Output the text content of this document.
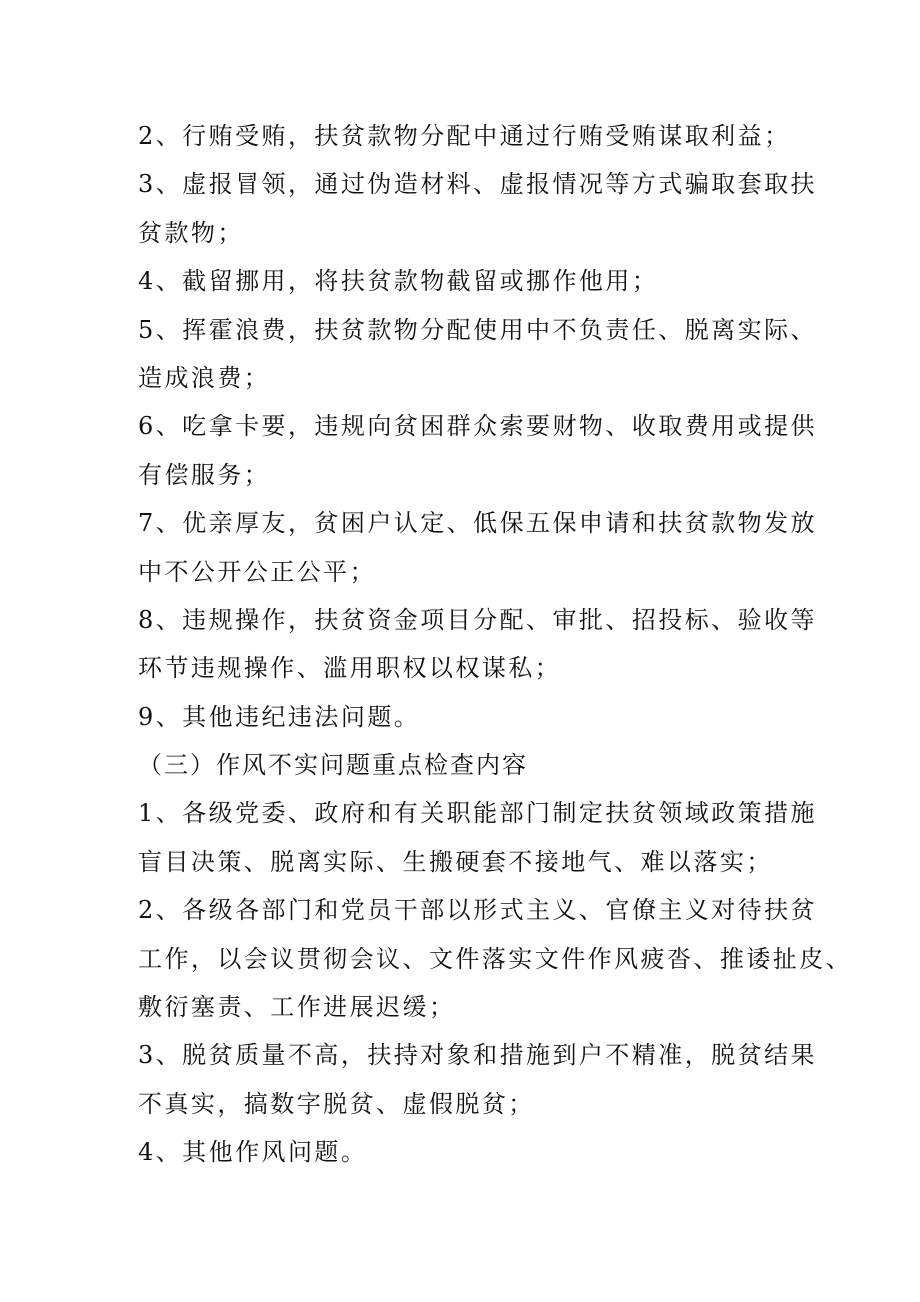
2、行贿受贿，扶贫款物分配中通过行贿受贿谋取利益；
3、虚报冒领，通过伪造材料、虚报情况等方式骗取套取扶
贫款物；
4、截留挪用，将扶贫款物截留或挪作他用；
5、挥霍浪费，扶贫款物分配使用中不负责任、脱离实际、
造成浪费；
6、吃拿卡要，违规向贫困群众索要财物、收取费用或提供
有偿服务；
7、优亲厚友，贫困户认定、低保五保申请和扶贫款物发放
中不公开公正公平；
8、违规操作，扶贫资金项目分配、审批、招投标、验收等
环节违规操作、滥用职权以权谋私；
9、其他违纪违法问题。
（三）作风不实问题重点检查内容
1、各级党委、政府和有关职能部门制定扶贫领域政策措施
盲目决策、脱离实际、生搬硬套不接地气、难以落实；
2、各级各部门和党员干部以形式主义、官僚主义对待扶贫
工作，以会议贯彻会议、文件落实文件作风疲沓、推诿扯皮、
敷衍塞责、工作进展迟缓；
3、脱贫质量不高，扶持对象和措施到户不精准，脱贫结果
不真实，搞数字脱贫、虚假脱贫；
4、其他作风问题。
